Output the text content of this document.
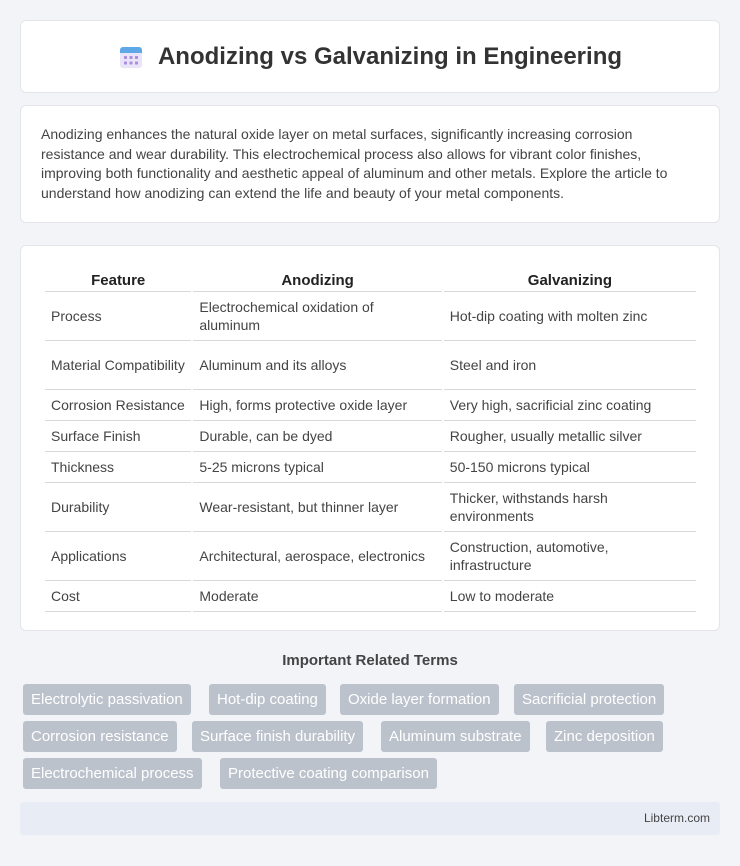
Anodizing vs Galvanizing in Engineering

Anodizing enhances the natural oxide layer on metal surfaces, significantly increasing corrosion resistance and wear durability. This electrochemical process also allows for vibrant color finishes, improving both functionality and aesthetic appeal of aluminum and other metals. Explore the article to understand how anodizing can extend the life and beauty of your metal components.

Feature	Anodizing	Galvanizing
Process	Electrochemical oxidation of aluminum	Hot-dip coating with molten zinc
Material Compatibility	Aluminum and its alloys	Steel and iron
Corrosion Resistance	High, forms protective oxide layer	Very high, sacrificial zinc coating
Surface Finish	Durable, can be dyed	Rougher, usually metallic silver
Thickness	5-25 microns typical	50-150 microns typical
Durability	Wear-resistant, but thinner layer	Thicker, withstands harsh environments
Applications	Architectural, aerospace, electronics	Construction, automotive, infrastructure
Cost	Moderate	Low to moderate
Important Related Terms
Electrolytic passivation	Hot-dip coating	Oxide layer formation	Sacrificial protection
Corrosion resistance	Surface finish durability	Aluminum substrate	Zinc deposition
Electrochemical process	Protective coating comparison
Libterm.com
